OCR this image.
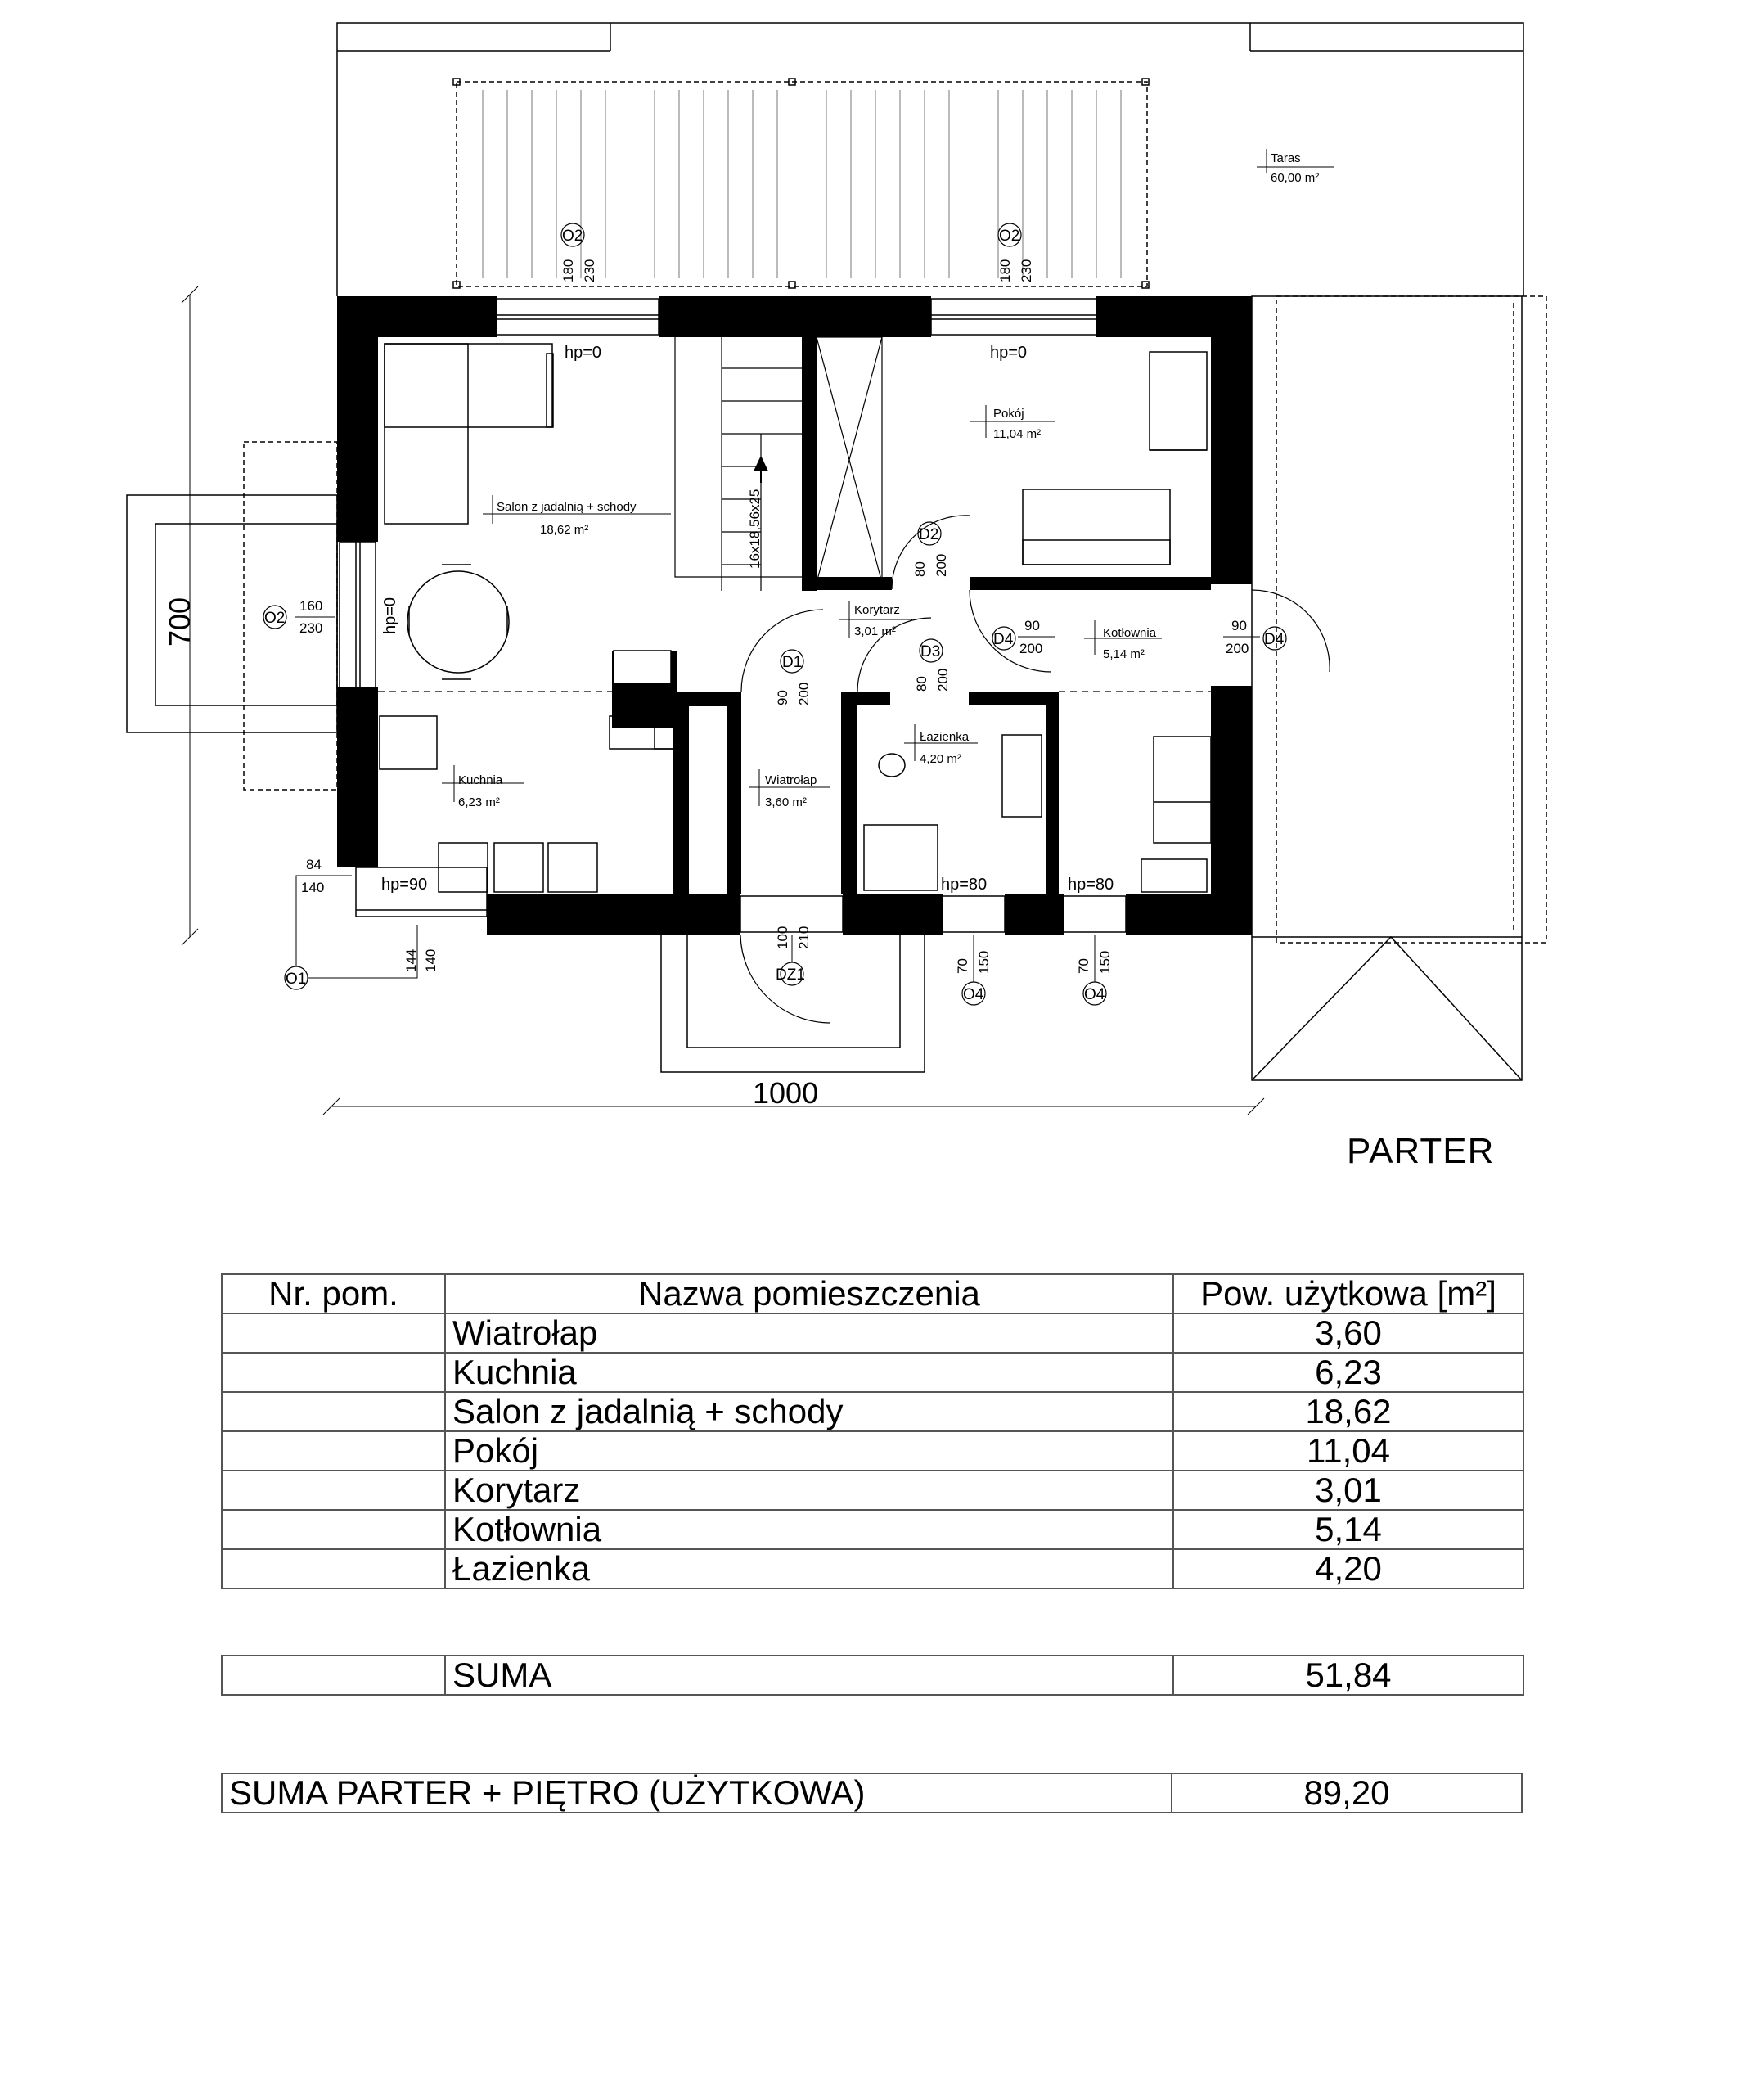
Taras
60,00 m²
Salon z jadalnią + schody
18,62 m²
Pokój
11,04 m²
Korytarz
3,01 m²	Kotłownia
5,14 m²
Łazienka
4,20 m²
Kuchnia
6,23 m²
Wiatrołap
3,60 m²
hp=0	hp=0
hp=0
hp=90	hp=80	hp=80
16x18,56x25
O2
180 230
O2
180 230
O2
160
230
O1
84
140
144 140
O4
70 150
O4
70 150
D1
90 200
D2
80 200
D3
80 200
D4
90
200
D4
90
200
DZ1
100 210
1000
700
PARTER
Nr. pom.	Nazwa pomieszczenia	Pow. użytkowa [m²]
	Wiatrołap	3,60
	Kuchnia	6,23
	Salon z jadalnią + schody	18,62
	Pokój	11,04
	Korytarz	3,01
	Kotłownia	5,14
	Łazienka	4,20
	SUMA	51,84
SUMA PARTER + PIĘTRO (UŻYTKOWA)	89,20
